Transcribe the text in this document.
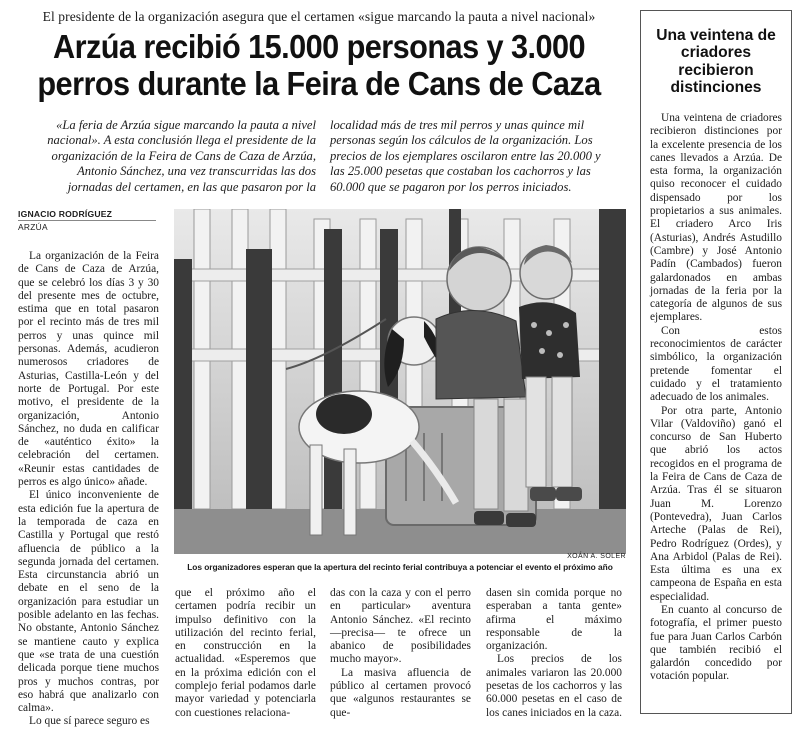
El presidente de la organización asegura que el certamen «sigue marcando la pauta a nivel nacional»
Arzúa recibió 15.000 personas y 3.000 perros durante la Feira de Cans de Caza
«La feria de Arzúa sigue marcando la pauta a nivel nacional». A esta conclusión llega el presidente de la organización de la Feira de Cans de Caza de Arzúa, Antonio Sánchez, una vez transcurridas las dos jornadas del certamen, en las que pasaron por la
localidad más de tres mil perros y unas quince mil personas según los cálculos de la organización. Los precios de los ejemplares oscilaron entre las 20.000 y las 25.000 pesetas que costaban los cachorros y las 60.000 que se pagaron por los perros iniciados.
IGNACIO RODRÍGUEZ
ARZÚA

La organización de la Feira de Cans de Caza de Arzúa, que se celebró los días 3 y 30 del presente mes de octubre, estima que en total pasaron por el recinto más de tres mil perros y unas quince mil personas. Además, acudieron numerosos criadores de Asturias, Castilla-León y del norte de Portugal. Por este motivo, el presidente de la organización, Antonio Sánchez, no duda en calificar de «auténtico éxito» la celebración del certamen. «Reunir estas cantidades de perros es algo único» añade.

El único inconveniente de esta edición fue la apertura de la temporada de caza en Castilla y Portugal que restó afluencia de público a la segunda jornada del certamen. Esta circunstancia abrió un debate en el seno de la organización para estudiar un posible adelanto en las fechas. No obstante, Antonio Sánchez se mantiene cauto y explica que «se trata de una cuestión delicada porque tiene muchos pros y muchos contras, por eso habrá que analizarlo con calma».

Lo que sí parece seguro es

XOÁN A. SOLER
Los organizadores esperan que la apertura del recinto ferial contribuya a potenciar el evento el próximo año

que el próximo año el certamen podría recibir un impulso definitivo con la utilización del recinto ferial, en construcción en la actualidad. «Esperemos que en la próxima edición con el complejo ferial podamos darle mayor variedad y potenciarla con cuestiones relaciona-

das con la caza y con el perro en particular» aventura Antonio Sánchez. «El recinto —precisa— te ofrece un abanico de posibilidades mucho mayor».

La masiva afluencia de público al certamen provocó que «algunos restaurantes se que-

dasen sin comida porque no esperaban a tanta gente» afirma el máximo responsable de la organización.

Los precios de los animales variaron las 20.000 pesetas de los cachorros y las 60.000 pesetas en el caso de los canes iniciados en la caza.

Una veintena de criadores recibieron distinciones

Una veintena de criadores recibieron distinciones por la excelente presencia de los canes llevados a Arzúa. De esta forma, la organización quiso reconocer el cuidado dispensado por los propietarios a sus animales. El criadero Arco Iris (Asturias), Andrés Astudillo (Cambre) y José Antonio Padín (Cambados) fueron galardonados en ambas jornadas de la feria por la categoría de algunos de sus ejemplares.

Con estos reconocimientos de carácter simbólico, la organización pretende fomentar el cuidado y el tratamiento adecuado de los animales.

Por otra parte, Antonio Vilar (Valdoviño) ganó el concurso de San Huberto que abrió los actos recogidos en el programa de la Feira de Cans de Caza de Arzúa. Tras él se situaron Juan M. Lorenzo (Pontevedra), Juan Carlos Arteche (Palas de Rei), Pedro Rodríguez (Ordes), y Ana Arbidol (Palas de Rei). Esta última es una ex campeona de España en esta especialidad.

En cuanto al concurso de fotografía, el primer puesto fue para Juan Carlos Carbón que también recibió el galardón concedido por votación popular.
